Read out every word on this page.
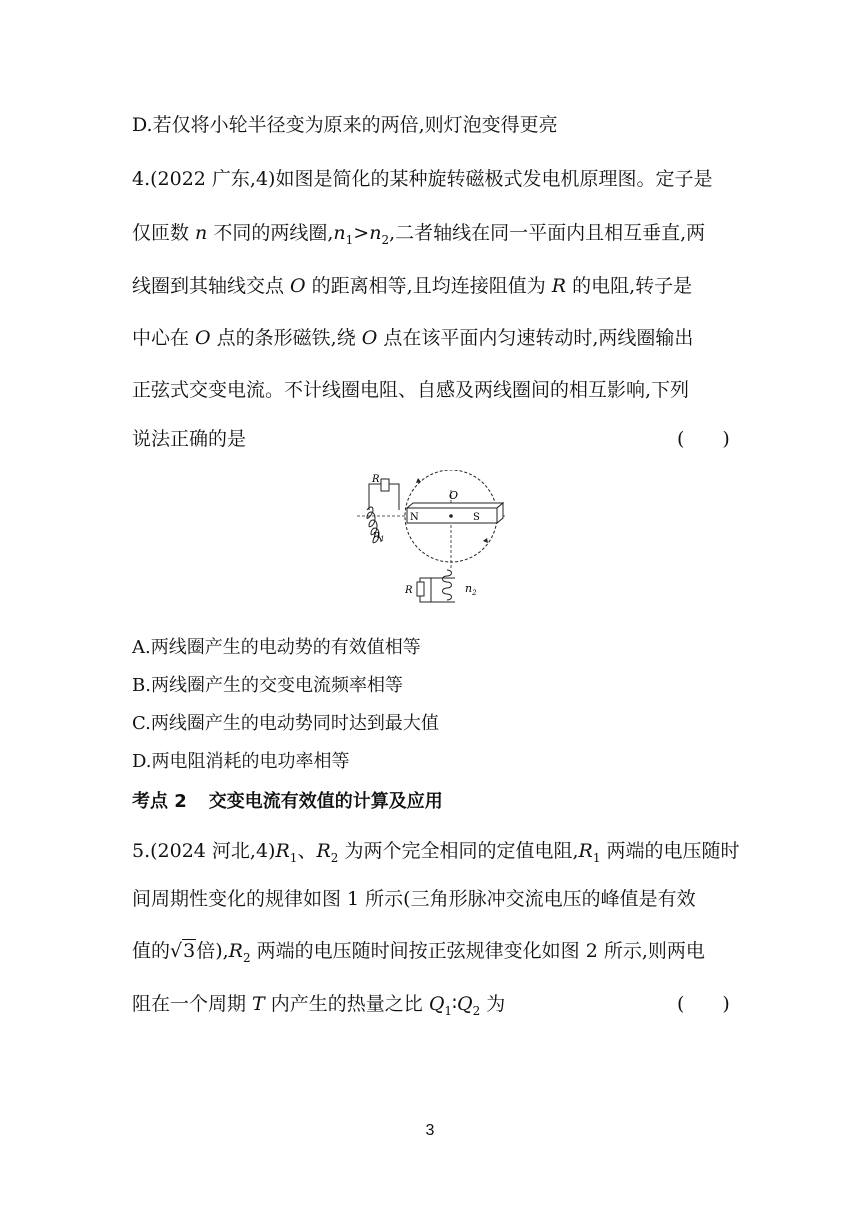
D.若仅将小轮半径变为原来的两倍,则灯泡变得更亮
4.(2022 广东,4)如图是简化的某种旋转磁极式发电机原理图。定子是
仅匝数 n 不同的两线圈$,n_1>n_2$,二者轴线在同一平面内且相互垂直,两
线圈到其轴线交点 O 的距离相等,且均连接阻值为 R 的电阻,转子是
中心在 O 点的条形磁铁,绕 O 点在该平面内匀速转动时,两线圈输出
正弦式交变电流。不计线圈电阻、自感及两线圈间的相互影响,下列
说法正确的是	(　　)
N	S
O
R
$n_1$
R	$n_2$
A.两线圈产生的电动势的有效值相等
B.两线圈产生的交变电流频率相等
C.两线圈产生的电动势同时达到最大值
D.两电阻消耗的电功率相等
考点 2 交变电流有效值的计算及应用
5.(2024 河北$,4)R_1$、$R_2$ 为两个完全相同的定值电阻$,R_1$ 两端的电压随时
间周期性变化的规律如图 1 所示(三角形脉冲交流电压的峰值是有效
值的√3倍)$,R_2$ 两端的电压随时间按正弦规律变化如图 2 所示,则两电
阻在一个周期 T 内产生的热量之比 $Q_1∶Q_2$ 为	(　　)
3
